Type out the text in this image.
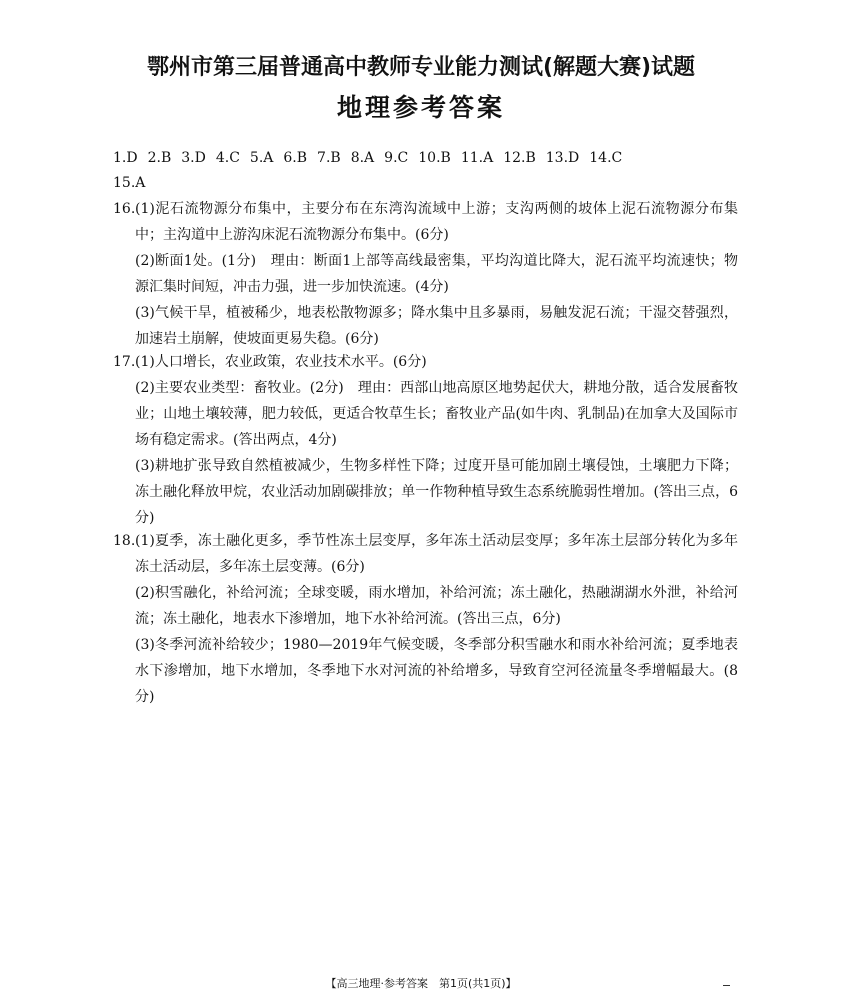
鄂州市第三届普通高中教师专业能力测试(解题大赛)试题
地理参考答案
1.D 2.B 3.D 4.C 5.A 6.B 7.B 8.A 9.C 10.B 11.A 12.B 13.D 14.C
15.A
16. (1)泥石流物源分布集中，主要分布在东湾沟流域中上游；支沟两侧的坡体上泥石流物源分布集中；主沟道中上游沟床泥石流物源分布集中。(6分)

(2)断面1处。(1分)　理由：断面1上部等高线最密集，平均沟道比降大，泥石流平均流速快；物源汇集时间短，冲击力强，进一步加快流速。(4分)

(3)气候干旱，植被稀少，地表松散物源多；降水集中且多暴雨，易触发泥石流；干湿交替强烈，加速岩土崩解，使坡面更易失稳。(6分)

17. (1)人口增长，农业政策，农业技术水平。(6分)

(2)主要农业类型：畜牧业。(2分)　理由：西部山地高原区地势起伏大，耕地分散，适合发展畜牧业；山地土壤较薄，肥力较低，更适合牧草生长；畜牧业产品(如牛肉、乳制品)在加拿大及国际市场有稳定需求。(答出两点，4分)

(3)耕地扩张导致自然植被减少，生物多样性下降；过度开垦可能加剧土壤侵蚀，土壤肥力下降；冻土融化释放甲烷，农业活动加剧碳排放；单一作物种植导致生态系统脆弱性增加。(答出三点，6分)

18. (1)夏季，冻土融化更多，季节性冻土层变厚，多年冻土活动层变厚；多年冻土层部分转化为多年冻土活动层，多年冻土层变薄。(6分)

(2)积雪融化，补给河流；全球变暖，雨水增加，补给河流；冻土融化，热融湖湖水外泄，补给河流；冻土融化，地表水下渗增加，地下水补给河流。(答出三点，6分)

(3)冬季河流补给较少；1980—2019年气候变暖，冬季部分积雪融水和雨水补给河流；夏季地表水下渗增加，地下水增加，冬季地下水对河流的补给增多，导致育空河径流量冬季增幅最大。(8分)

【高三地理·参考答案　第1页(共1页)】
